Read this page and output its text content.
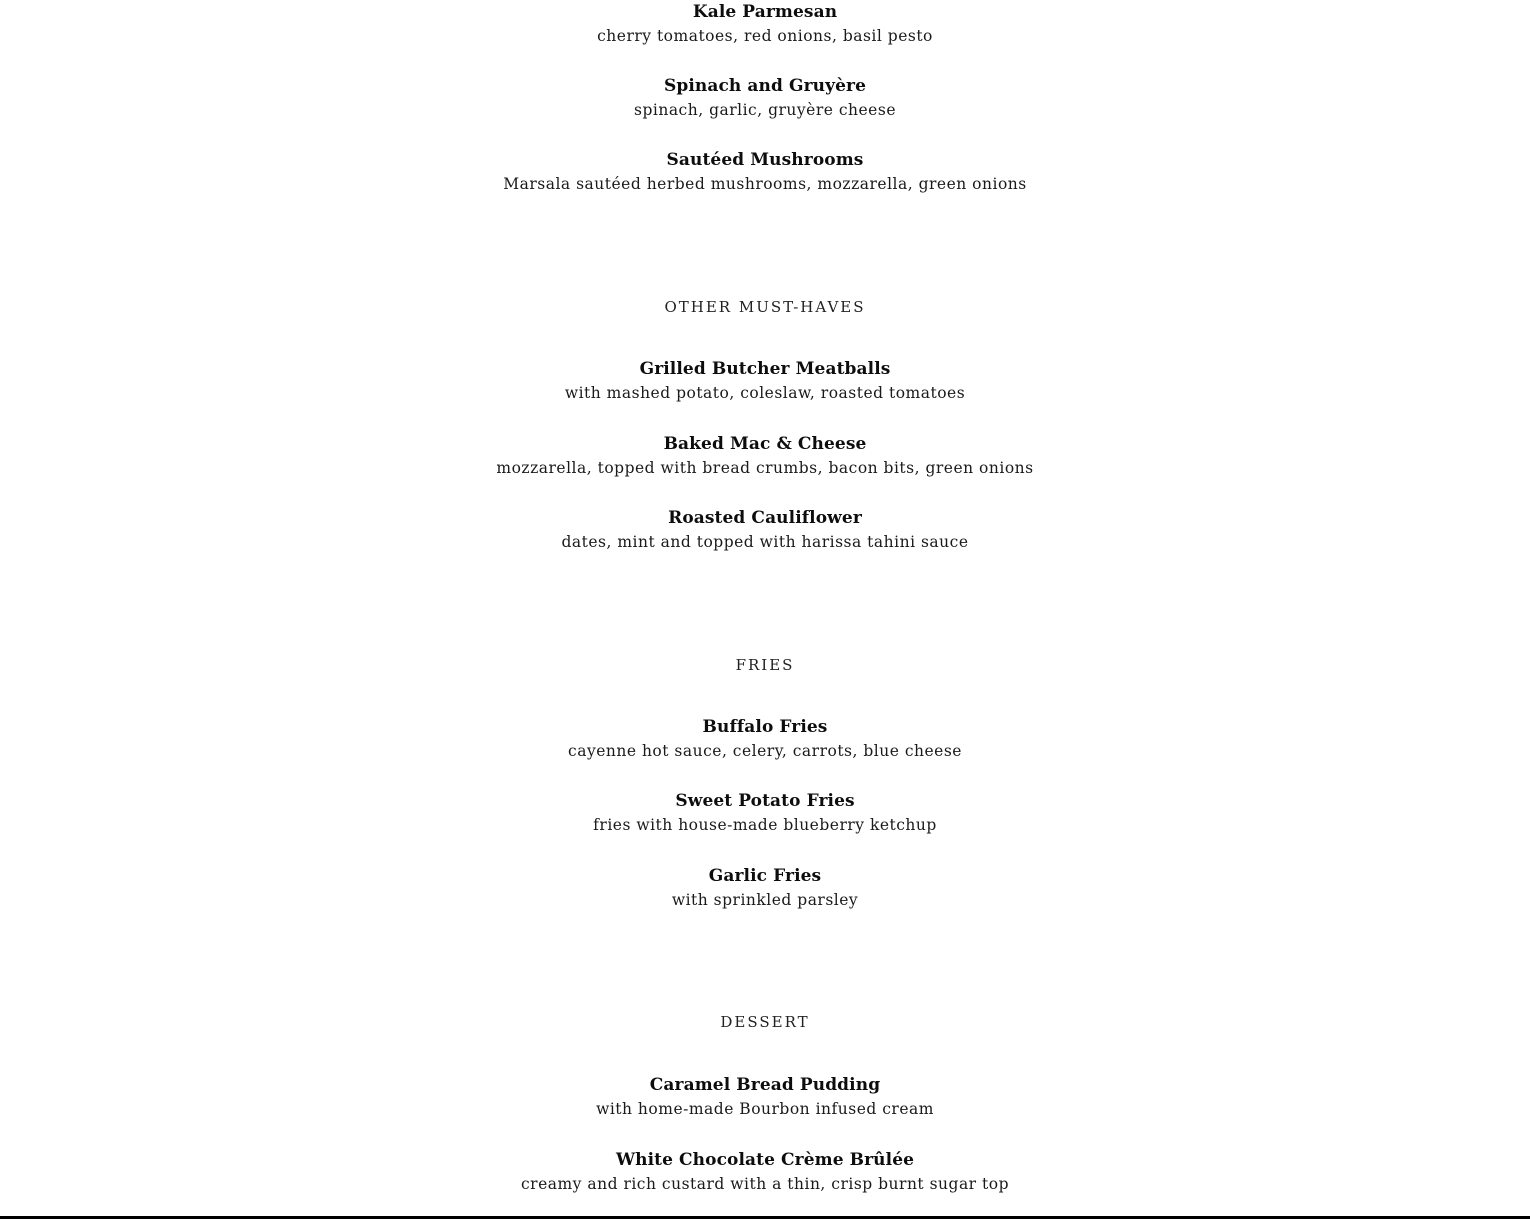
Kale Parmesan
cherry tomatoes, red onions, basil pesto
Spinach and Gruyère
spinach, garlic, gruyère cheese
Sautéed Mushrooms
Marsala sautéed herbed mushrooms, mozzarella, green onions
OTHER MUST-HAVES
Grilled Butcher Meatballs
with mashed potato, coleslaw, roasted tomatoes
Baked Mac & Cheese
mozzarella, topped with bread crumbs, bacon bits, green onions
Roasted Cauliflower
dates, mint and topped with harissa tahini sauce
FRIES
Buffalo Fries
cayenne hot sauce, celery, carrots, blue cheese
Sweet Potato Fries
fries with house-made blueberry ketchup
Garlic Fries
with sprinkled parsley
DESSERT
Caramel Bread Pudding
with home-made Bourbon infused cream
White Chocolate Crème Brûlée
creamy and rich custard with a thin, crisp burnt sugar top
